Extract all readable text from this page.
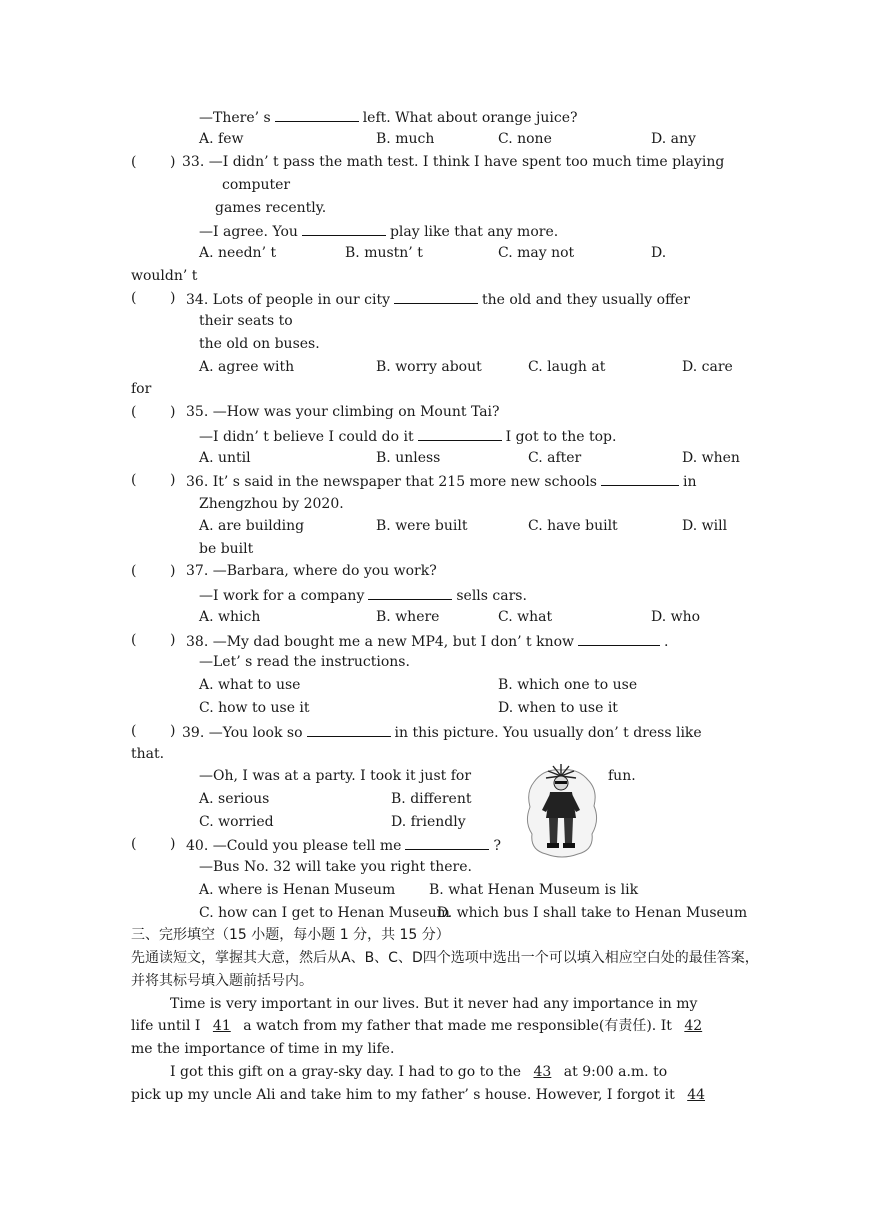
—There’ s	left. What about orange juice?
A. few	B. much	C. none	D. any
( ) 33. —I didn’ t pass the math test. I think I have spent too much time playing
computer
games recently.
—I agree. You	play like that any more.
A. needn’ t	B. mustn’ t	C. may not	D.
wouldn’ t
( ) 34. Lots of people in our city	the old and they usually offer
their seats to
the old on buses.
A. agree with	B. worry about	C. laugh at	D. care
for
( ) 35. —How was your climbing on Mount Tai?
—I didn’ t believe I could do it	I got to the top.
A. until	B. unless	C. after	D. when
( ) 36. It’ s said in the newspaper that 215 more new schools	in
Zhengzhou by 2020.
A. are building	B. were built	C. have built	D. will
be built
( ) 37. —Barbara, where do you work?
—I work for a company	sells cars.
A. which	B. where	C. what	D. who
( ) 38. —My dad bought me a new MP4, but I don’ t know	.
—Let’ s read the instructions.
A. what to use	B. which one to use
C. how to use it	D. when to use it
( ) 39. —You look so	in this picture. You usually don’ t dress like
that.
—Oh, I was at a party. I took it just for	fun.
A. serious	B. different
C. worried	D. friendly
( ) 40. —Could you please tell me	?
—Bus No. 32 will take you right there.
A. where is Henan Museum B. what Henan Museum is lik
C. how can I get to Henan Museum
D. which bus I shall take to Henan Museum
三、完形填空（15 小题，每小题 1 分，共 15 分）
先通读短文，掌握其大意，然后从A、B、C、D四个选项中选出一个可以填入相应空白处的最佳答案，
并将其标号填入题前括号内。
Time is very important in our lives. But it never had any importance in my
life until I 41 a watch from my father that made me responsible(有责任). It 42
me the importance of time in my life.
I got this gift on a gray-sky day. I had to go to the 43 at 9:00 a.m. to
pick up my uncle Ali and take him to my father’ s house. However, I forgot it 44
